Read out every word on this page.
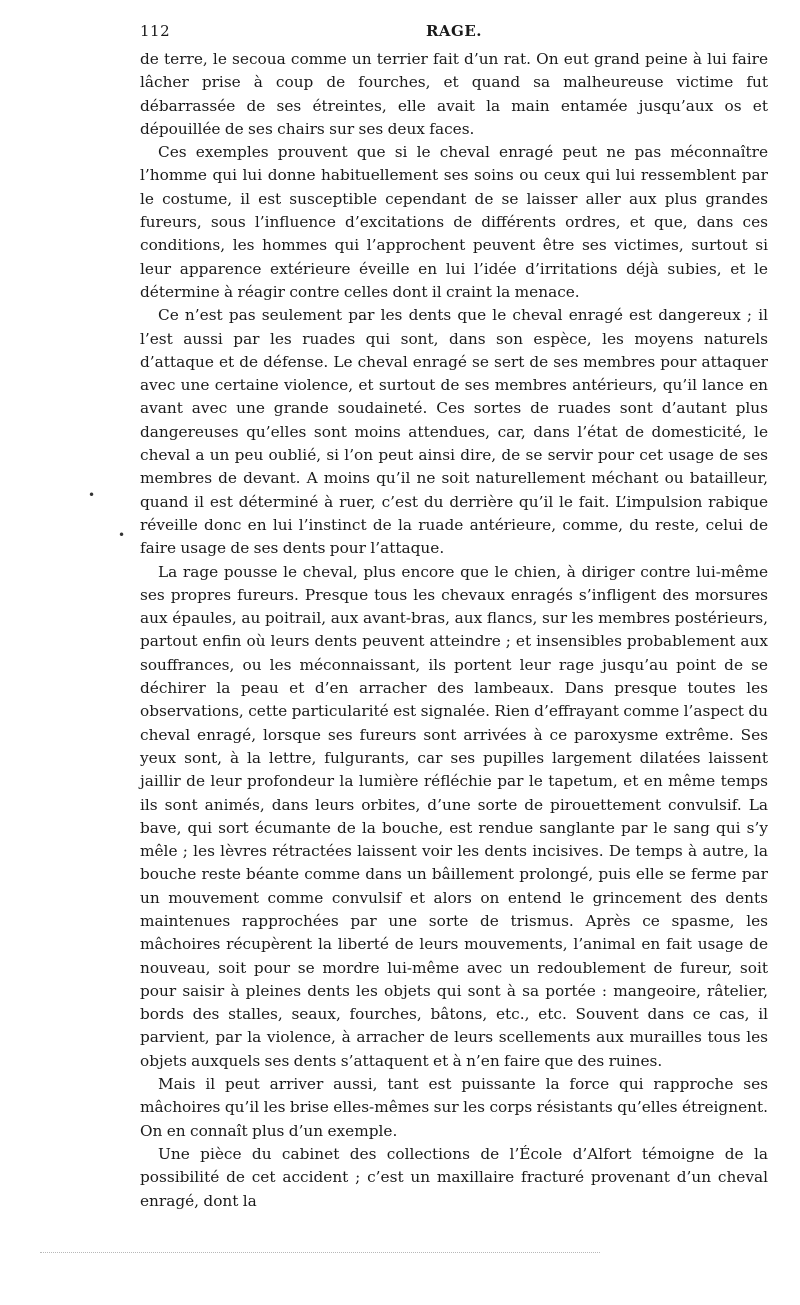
112	RAGE.

de terre, le secoua comme un terrier fait d’un rat. On eut grand peine à lui faire lâcher prise à coup de fourches, et quand sa malheureuse victime fut débarrassée de ses étreintes, elle avait la main entamée jusqu’aux os et dépouillée de ses chairs sur ses deux faces.

Ces exemples prouvent que si le cheval enragé peut ne pas méconnaître l’homme qui lui donne habituellement ses soins ou ceux qui lui ressemblent par le costume, il est susceptible cependant de se laisser aller aux plus grandes fureurs, sous l’influence d’excitations de différents ordres, et que, dans ces conditions, les hommes qui l’approchent peuvent être ses victimes, surtout si leur apparence extérieure éveille en lui l’idée d’irritations déjà subies, et le détermine à réagir contre celles dont il craint la menace.

Ce n’est pas seulement par les dents que le cheval enragé est dangereux ; il l’est aussi par les ruades qui sont, dans son espèce, les moyens naturels d’attaque et de défense. Le cheval enragé se sert de ses membres pour attaquer avec une certaine violence, et surtout de ses membres antérieurs, qu’il lance en avant avec une grande soudaineté. Ces sortes de ruades sont d’autant plus dangereuses qu’elles sont moins attendues, car, dans l’état de domesticité, le cheval a un peu oublié, si l’on peut ainsi dire, de se servir pour cet usage de ses membres de devant. A moins qu’il ne soit naturellement méchant ou batailleur, quand il est déterminé à ruer, c’est du derrière qu’il le fait. L’impulsion rabique réveille donc en lui l’instinct de la ruade antérieure, comme, du reste, celui de faire usage de ses dents pour l’attaque.

La rage pousse le cheval, plus encore que le chien, à diriger contre lui-même ses propres fureurs. Presque tous les chevaux enragés s’infligent des morsures aux épaules, au poitrail, aux avant-bras, aux flancs, sur les membres postérieurs, partout enfin où leurs dents peuvent atteindre ; et insensibles probablement aux souffrances, ou les méconnaissant, ils portent leur rage jusqu’au point de se déchirer la peau et d’en arracher des lambeaux. Dans presque toutes les observations, cette particularité est signalée. Rien d’effrayant comme l’aspect du cheval enragé, lorsque ses fureurs sont arrivées à ce paroxysme extrême. Ses yeux sont, à la lettre, fulgurants, car ses pupilles largement dilatées laissent jaillir de leur profondeur la lumière réfléchie par le tapetum, et en même temps ils sont animés, dans leurs orbites, d’une sorte de pirouettement convulsif. La bave, qui sort écumante de la bouche, est rendue sanglante par le sang qui s’y mêle ; les lèvres rétractées laissent voir les dents incisives. De temps à autre, la bouche reste béante comme dans un bâillement prolongé, puis elle se ferme par un mouvement comme convulsif et alors on entend le grincement des dents maintenues rapprochées par une sorte de trismus. Après ce spasme, les mâchoires récupèrent la liberté de leurs mouvements, l’animal en fait usage de nouveau, soit pour se mordre lui-même avec un redoublement de fureur, soit pour saisir à pleines dents les objets qui sont à sa portée : mangeoire, râtelier, bords des stalles, seaux, fourches, bâtons, etc., etc. Souvent dans ce cas, il parvient, par la violence, à arracher de leurs scellements aux murailles tous les objets auxquels ses dents s’attaquent et à n’en faire que des ruines.

Mais il peut arriver aussi, tant est puissante la force qui rapproche ses mâchoires qu’il les brise elles-mêmes sur les corps résistants qu’elles étreignent. On en connaît plus d’un exemple.

Une pièce du cabinet des collections de l’École d’Alfort témoigne de la possibilité de cet accident ; c’est un maxillaire fracturé provenant d’un cheval enragé, dont la

•
•
